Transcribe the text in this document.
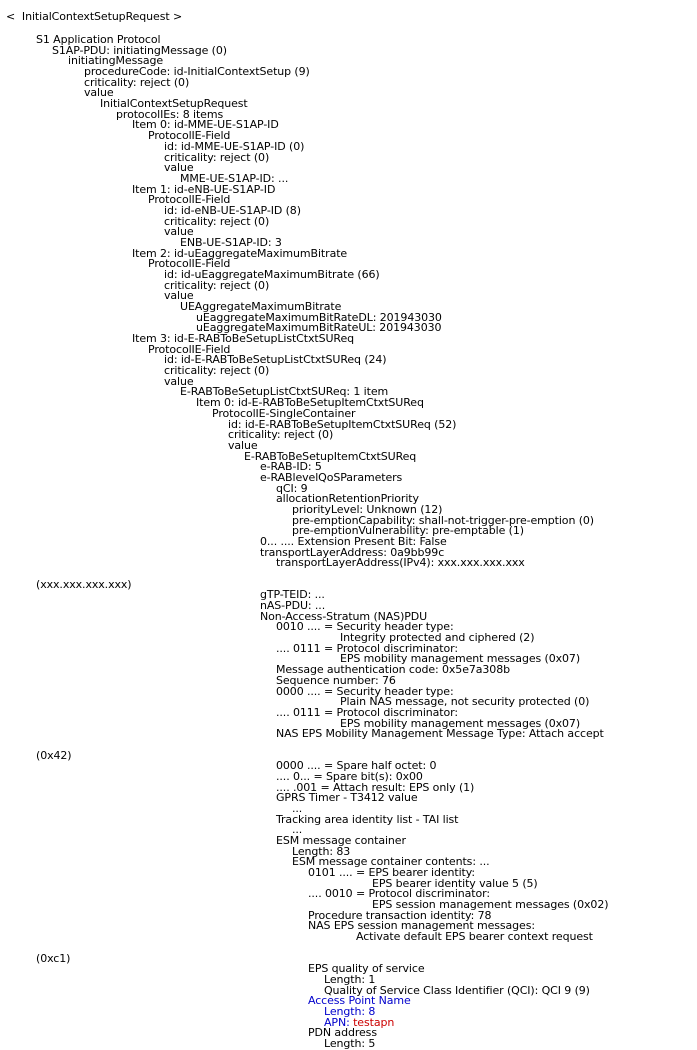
< InitialContextSetupRequest >
S1 Application Protocol
S1AP-PDU: initiatingMessage (0)
initiatingMessage
procedureCode: id-InitialContextSetup (9)
criticality: reject (0)
value
InitialContextSetupRequest
protocolIEs: 8 items
Item 0: id-MME-UE-S1AP-ID
ProtocolIE-Field
id: id-MME-UE-S1AP-ID (0)
criticality: reject (0)
value
MME-UE-S1AP-ID: ...
Item 1: id-eNB-UE-S1AP-ID
ProtocolIE-Field
id: id-eNB-UE-S1AP-ID (8)
criticality: reject (0)
value
ENB-UE-S1AP-ID: 3
Item 2: id-uEaggregateMaximumBitrate
ProtocolIE-Field
id: id-uEaggregateMaximumBitrate (66)
criticality: reject (0)
value
UEAggregateMaximumBitrate
uEaggregateMaximumBitRateDL: 201943030
uEaggregateMaximumBitRateUL: 201943030
Item 3: id-E-RABToBeSetupListCtxtSUReq
ProtocolIE-Field
id: id-E-RABToBeSetupListCtxtSUReq (24)
criticality: reject (0)
value
E-RABToBeSetupListCtxtSUReq: 1 item
Item 0: id-E-RABToBeSetupItemCtxtSUReq
ProtocolIE-SingleContainer
id: id-E-RABToBeSetupItemCtxtSUReq (52)
criticality: reject (0)
value
E-RABToBeSetupItemCtxtSUReq
e-RAB-ID: 5
e-RABlevelQoSParameters
qCI: 9
allocationRetentionPriority
priorityLevel: Unknown (12)
pre-emptionCapability: shall-not-trigger-pre-emption (0)
pre-emptionVulnerability: pre-emptable (1)
0... .... Extension Present Bit: False
transportLayerAddress: 0a9bb99c
transportLayerAddress(IPv4): xxx.xxx.xxx.xxx
(xxx.xxx.xxx.xxx)
gTP-TEID: ...
nAS-PDU: ...
Non-Access-Stratum (NAS)PDU
0010 .... = Security header type:
Integrity protected and ciphered (2)
.... 0111 = Protocol discriminator:
EPS mobility management messages (0x07)
Message authentication code: 0x5e7a308b
Sequence number: 76
0000 .... = Security header type:
Plain NAS message, not security protected (0)
.... 0111 = Protocol discriminator:
EPS mobility management messages (0x07)
NAS EPS Mobility Management Message Type: Attach accept
(0x42)
0000 .... = Spare half octet: 0
.... 0... = Spare bit(s): 0x00
.... .001 = Attach result: EPS only (1)
GPRS Timer - T3412 value
...
Tracking area identity list - TAI list
...
ESM message container
Length: 83
ESM message container contents: ...
0101 .... = EPS bearer identity:
EPS bearer identity value 5 (5)
.... 0010 = Protocol discriminator:
EPS session management messages (0x02)
Procedure transaction identity: 78
NAS EPS session management messages:
Activate default EPS bearer context request
(0xc1)
EPS quality of service
Length: 1
Quality of Service Class Identifier (QCI): QCI 9 (9)
Access Point Name
Length: 8
APN: testapn
PDN address
Length: 5
